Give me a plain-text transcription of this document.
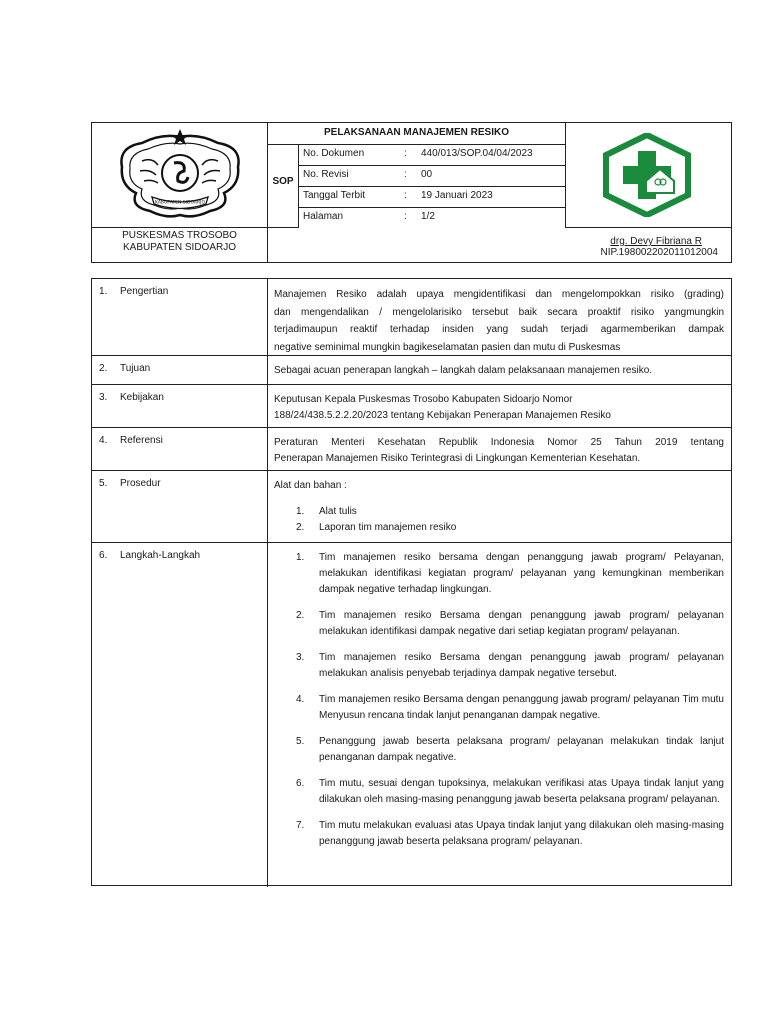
KABUPATEN SIDOARJO
PELAKSANAAN MANAJEMEN RESIKO
SOP
No. Dokumen	: 440/013/SOP.04/04/2023
No. Revisi	: 00
Tanggal Terbit	: 19 Januari 2023
Halaman	: 1/2
PUSKESMAS TROSOBO
KABUPATEN SIDOARJO
drg. Devy Fibriana R
NIP.198002202011012004
1. Pengertian	Manajemen Resiko adalah upaya mengidentifikasi dan mengelompokkan risiko (grading)
dan mengendalikan / mengelolarisiko tersebut baik secara proaktif risiko yangmungkin
terjadimaupun reaktif terhadap insiden yang sudah terjadi agarmemberikan dampak
negative seminimal mungkin bagikeselamatan pasien dan mutu di Puskesmas
2. Tujuan	Sebagai acuan penerapan langkah – langkah dalam pelaksanaan manajemen resiko.
3. Kebijakan	Keputusan Kepala Puskesmas Trosobo Kabupaten Sidoarjo Nomor
188/24/438.5.2.2.20/2023 tentang Kebijakan Penerapan Manajemen Resiko
4. Referensi	Peraturan Menteri Kesehatan Republik Indonesia Nomor 25 Tahun 2019 tentang
Penerapan Manajemen Risiko Terintegrasi di Lingkungan Kementerian Kesehatan.
5. Prosedur	Alat dan bahan :
1. Alat tulis
2. Laporan tim manajemen resiko
6. Langkah-Langkah	1. Tim manajemen resiko bersama dengan penanggung jawab program/ Pelayanan, melakukan identifikasi kegiatan program/ pelayanan yang kemungkinan memberikan dampak negative terhadap lingkungan.
2. Tim manajemen resiko Bersama dengan penanggung jawab program/ pelayanan melakukan identifikasi dampak negative dari setiap kegiatan program/ pelayanan.
3. Tim manajemen resiko Bersama dengan penanggung jawab program/ pelayanan melakukan analisis penyebab terjadinya dampak negative tersebut.
4. Tim manajemen resiko Bersama dengan penanggung jawab program/ pelayanan Tim mutu Menyusun rencana tindak lanjut penanganan dampak negative.
5. Penanggung jawab beserta pelaksana program/ pelayanan melakukan tindak lanjut penanganan dampak negative.
6. Tim mutu, sesuai dengan tupoksinya, melakukan verifikasi atas Upaya tindak lanjut yang dilakukan oleh masing-masing penanggung jawab beserta pelaksana program/ pelayanan.
7. Tim mutu melakukan evaluasi atas Upaya tindak lanjut yang dilakukan oleh masing-masing penanggung jawab beserta pelaksana program/ pelayanan.
